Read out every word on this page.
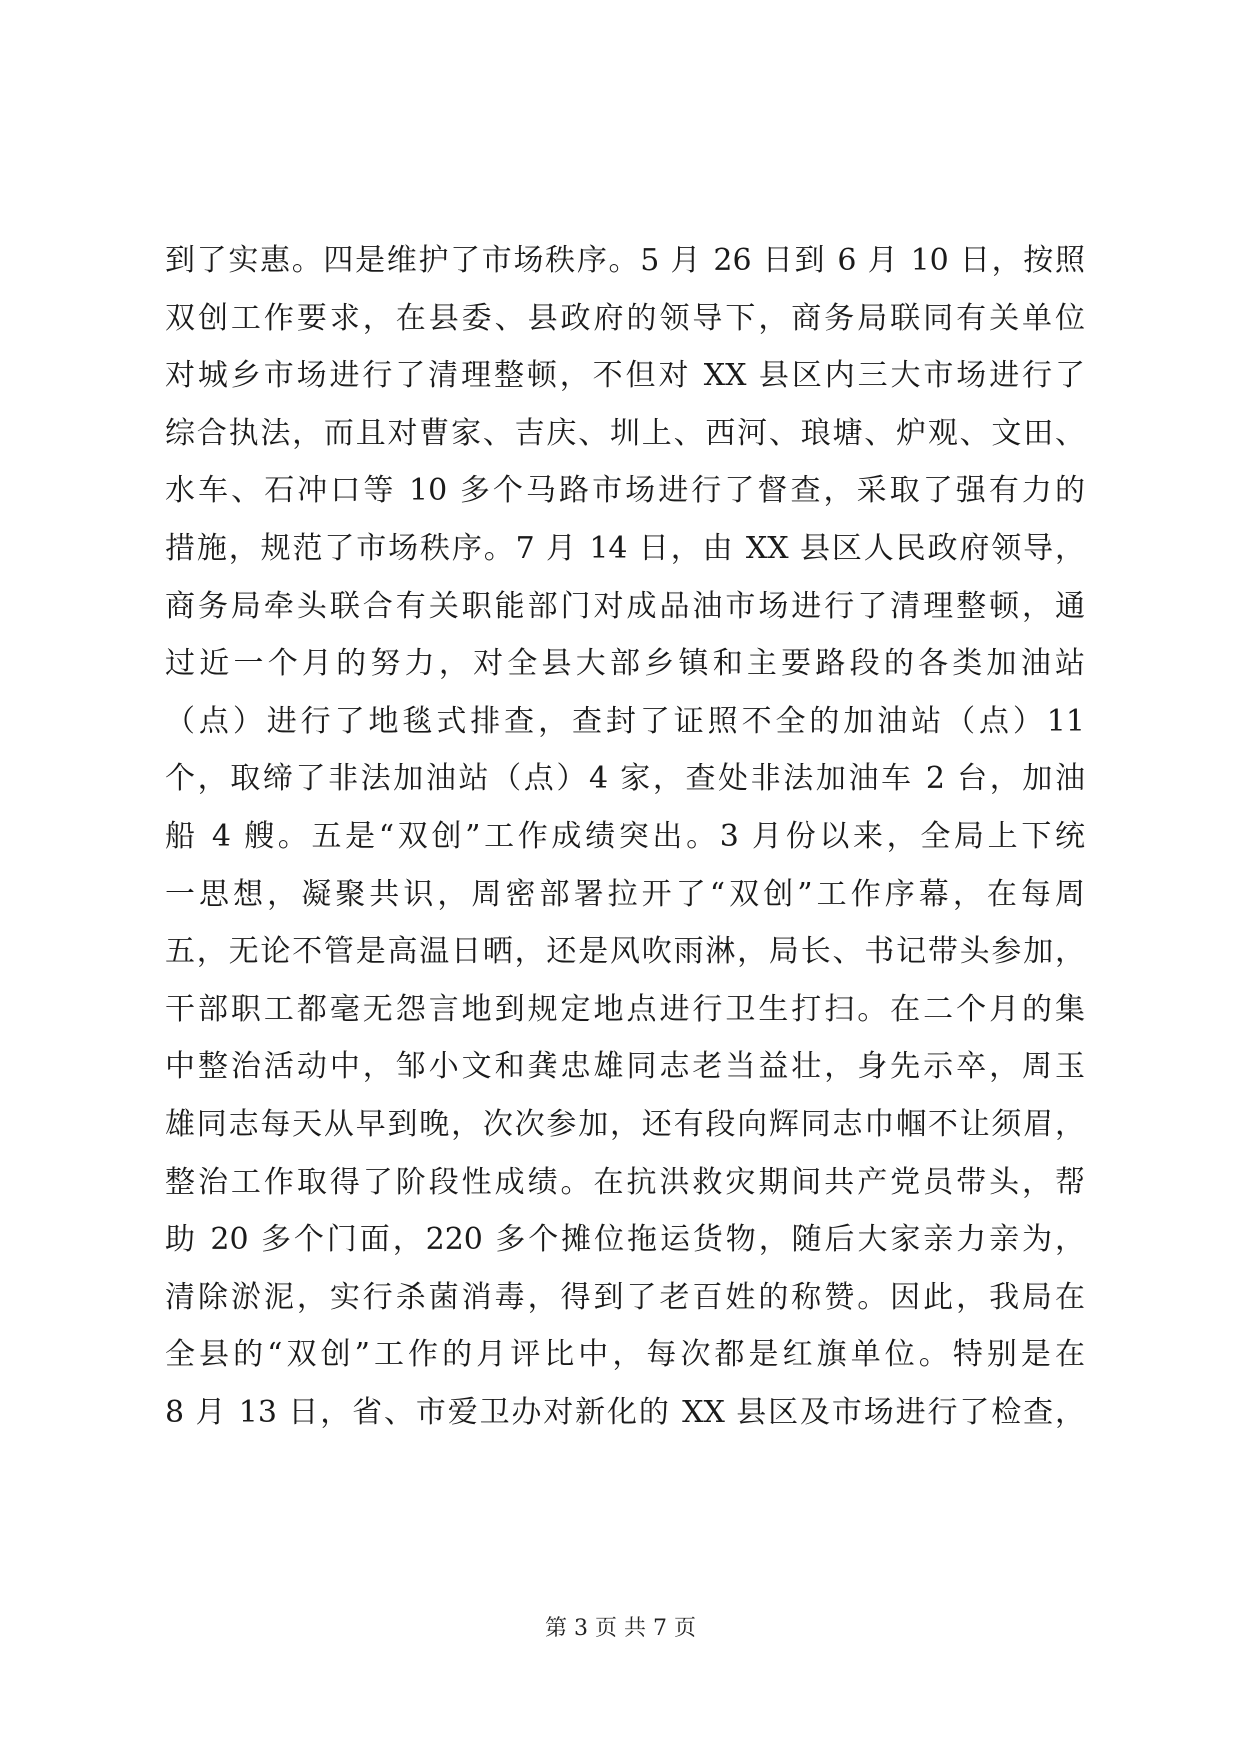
到了实惠。四是维护了市场秩序。5 月 26 日到 6 月 10 日，按照
双创工作要求，在县委、县政府的领导下，商务局联同有关单位
对城乡市场进行了清理整顿，不但对 XX 县区内三大市场进行了
综合执法，而且对曹家、吉庆、圳上、西河、琅塘、炉观、文田、
水车、石冲口等 10 多个马路市场进行了督查，采取了强有力的
措施，规范了市场秩序。7 月 14 日，由 XX 县区人民政府领导，
商务局牵头联合有关职能部门对成品油市场进行了清理整顿，通
过近一个月的努力，对全县大部乡镇和主要路段的各类加油站
（点）进行了地毯式排查，查封了证照不全的加油站（点）11
个，取缔了非法加油站（点）4 家，查处非法加油车 2 台，加油
船 4 艘。五是“双创”工作成绩突出。3 月份以来，全局上下统
一思想，凝聚共识，周密部署拉开了“双创”工作序幕，在每周
五，无论不管是高温日晒，还是风吹雨淋，局长、书记带头参加，
干部职工都毫无怨言地到规定地点进行卫生打扫。在二个月的集
中整治活动中，邹小文和龚忠雄同志老当益壮，身先示卒，周玉
雄同志每天从早到晚，次次参加，还有段向辉同志巾帼不让须眉，
整治工作取得了阶段性成绩。在抗洪救灾期间共产党员带头，帮
助 20 多个门面，220 多个摊位拖运货物，随后大家亲力亲为，
清除淤泥，实行杀菌消毒，得到了老百姓的称赞。因此，我局在
全县的“双创”工作的月评比中，每次都是红旗单位。特别是在
8 月 13 日，省、市爱卫办对新化的 XX 县区及市场进行了检查，
第 3 页 共 7 页
